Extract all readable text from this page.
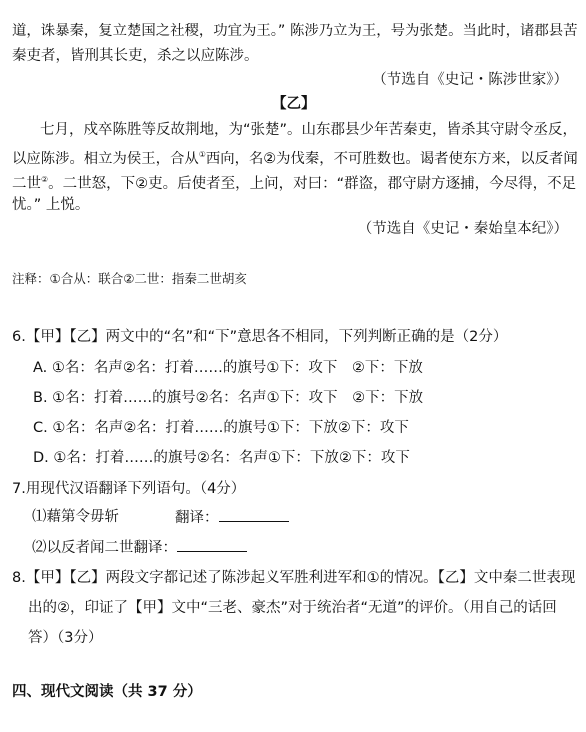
道，诛暴秦，复立楚国之社稷，功宜为王。” 陈涉乃立为王，号为张楚。当此时，诸郡县苦
秦吏者，皆刑其长吏，杀之以应陈涉。
（节选自《史记・陈涉世家》）
【乙】
七月，戍卒陈胜等反故荆地，为“张楚”。山东郡县少年苦秦吏，皆杀其守尉令丞反，
以应陈涉。相立为侯王，合从①西向，名②为伐秦，不可胜数也。谒者使东方来，以反者闻
二世②。二世怒，下②吏。后使者至，上问，对曰：“群盗，郡守尉方逐捕，今尽得，不足
忧。” 上悦。
（节选自《史记・秦始皇本纪》）
注释：①合从：联合②二世：指秦二世胡亥
6.【甲】【乙】两文中的“名”和“下”意思各不相同，下列判断正确的是（2分）
A. ①名：名声②名：打着……的旗号①下：攻下　②下：下放
B. ①名：打着……的旗号②名：名声①下：攻下　②下：下放
C. ①名：名声②名：打着……的旗号①下：下放②下：攻下
D. ①名：打着……的旗号②名：名声①下：下放②下：攻下
7.用现代汉语翻译下列语句。（4分）
⑴藉第令毋斩	翻译：
⑵以反者闻二世翻译：
8.【甲】【乙】两段文字都记述了陈涉起义军胜利进军和①的情况。【乙】文中秦二世表现
出的②，印证了【甲】文中“三老、豪杰”对于统治者“无道”的评价。（用自己的话回
答）（3分）
四、现代文阅读（共 37 分）
